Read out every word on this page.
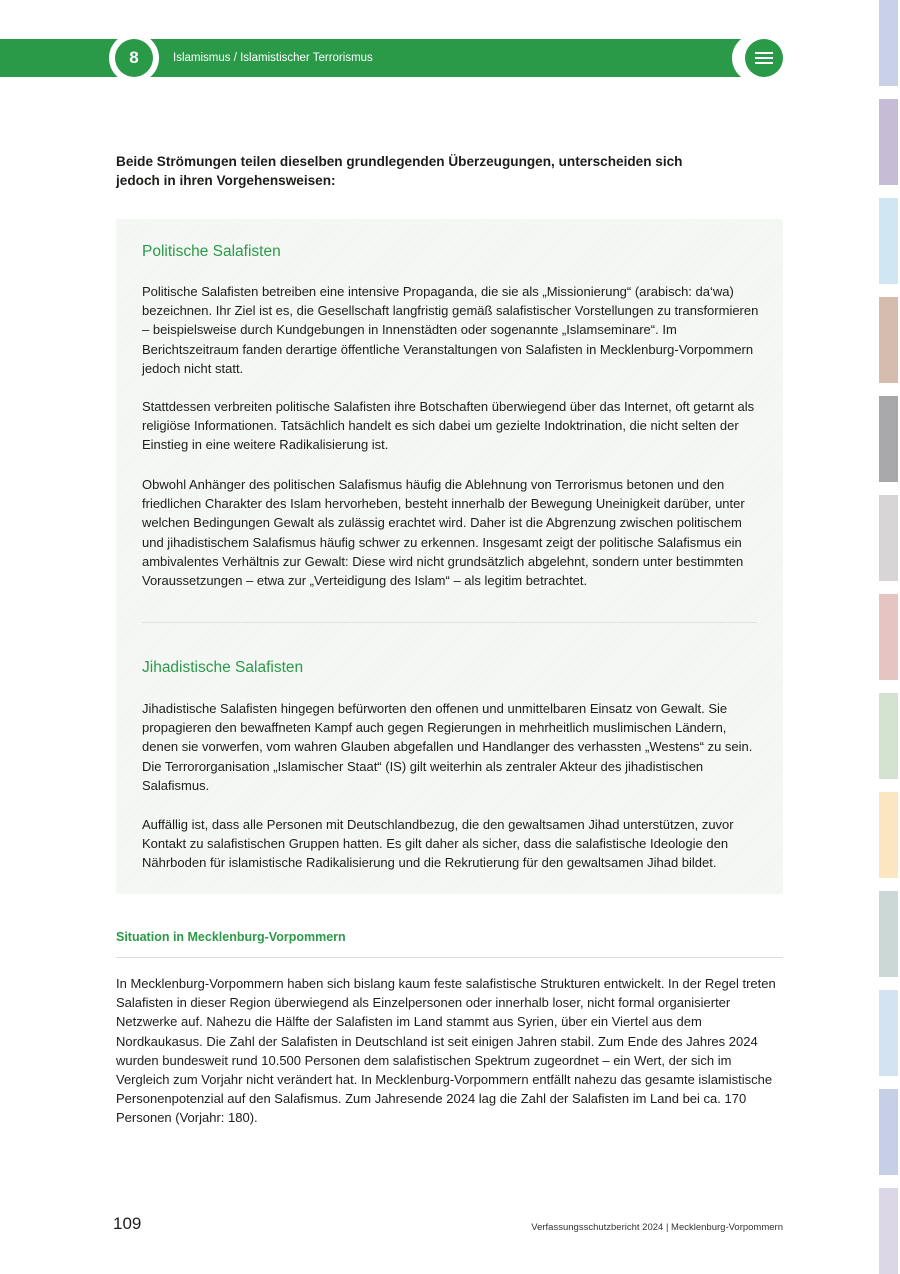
8	Islamismus / Islamistischer Terrorismus

Beide Strömungen teilen dieselben grundlegenden Überzeugungen, unterscheiden sich jedoch in ihren Vorgehensweisen:

Politische Salafisten

Politische Salafisten betreiben eine intensive Propaganda, die sie als „Missionierung“ (arabisch: da‘wa) bezeichnen. Ihr Ziel ist es, die Gesellschaft langfristig gemäß salafistischer Vorstellungen zu transformieren – beispielsweise durch Kundgebungen in Innenstädten oder sogenannte „Islamseminare“. Im Berichtszeitraum fanden derartige öffentliche Veranstaltungen von Salafisten in Mecklenburg-Vorpommern jedoch nicht statt.

Stattdessen verbreiten politische Salafisten ihre Botschaften überwiegend über das Internet, oft getarnt als religiöse Informationen. Tatsächlich handelt es sich dabei um gezielte Indoktrination, die nicht selten der Einstieg in eine weitere Radikalisierung ist.

Obwohl Anhänger des politischen Salafismus häufig die Ablehnung von Terrorismus betonen und den friedlichen Charakter des Islam hervorheben, besteht innerhalb der Bewegung Uneinigkeit darüber, unter welchen Bedingungen Gewalt als zulässig erachtet wird. Daher ist die Abgrenzung zwischen politischem und jihadistischem Salafismus häufig schwer zu erkennen. Insgesamt zeigt der politische Salafismus ein ambivalentes Verhältnis zur Gewalt: Diese wird nicht grundsätzlich abgelehnt, sondern unter bestimmten Voraussetzungen – etwa zur „Verteidigung des Islam“ – als legitim betrachtet.

Jihadistische Salafisten

Jihadistische Salafisten hingegen befürworten den offenen und unmittelbaren Einsatz von Gewalt. Sie propagieren den bewaffneten Kampf auch gegen Regierungen in mehrheitlich muslimischen Ländern, denen sie vorwerfen, vom wahren Glauben abgefallen und Handlanger des verhassten „Westens“ zu sein. Die Terrororganisation „Islamischer Staat“ (IS) gilt weiterhin als zentraler Akteur des jihadistischen Salafismus.

Auffällig ist, dass alle Personen mit Deutschlandbezug, die den gewaltsamen Jihad unterstützen, zuvor Kontakt zu salafistischen Gruppen hatten. Es gilt daher als sicher, dass die salafistische Ideologie den Nährboden für islamistische Radikalisierung und die Rekrutierung für den gewaltsamen Jihad bildet.

Situation in Mecklenburg-Vorpommern

In Mecklenburg-Vorpommern haben sich bislang kaum feste salafistische Strukturen entwickelt. In der Regel treten Salafisten in dieser Region überwiegend als Einzelpersonen oder innerhalb loser, nicht formal organisierter Netzwerke auf. Nahezu die Hälfte der Salafisten im Land stammt aus Syrien, über ein Viertel aus dem Nordkaukasus. Die Zahl der Salafisten in Deutschland ist seit einigen Jahren stabil. Zum Ende des Jahres 2024 wurden bundesweit rund 10.500 Personen dem salafistischen Spektrum zugeordnet – ein Wert, der sich im Vergleich zum Vorjahr nicht verändert hat. In Mecklenburg-Vorpommern entfällt nahezu das gesamte islamistische Personenpotenzial auf den Salafismus. Zum Jahresende 2024 lag die Zahl der Salafisten im Land bei ca. 170 Personen (Vorjahr: 180).

109	Verfassungsschutzbericht 2024 | Mecklenburg-Vorpommern
